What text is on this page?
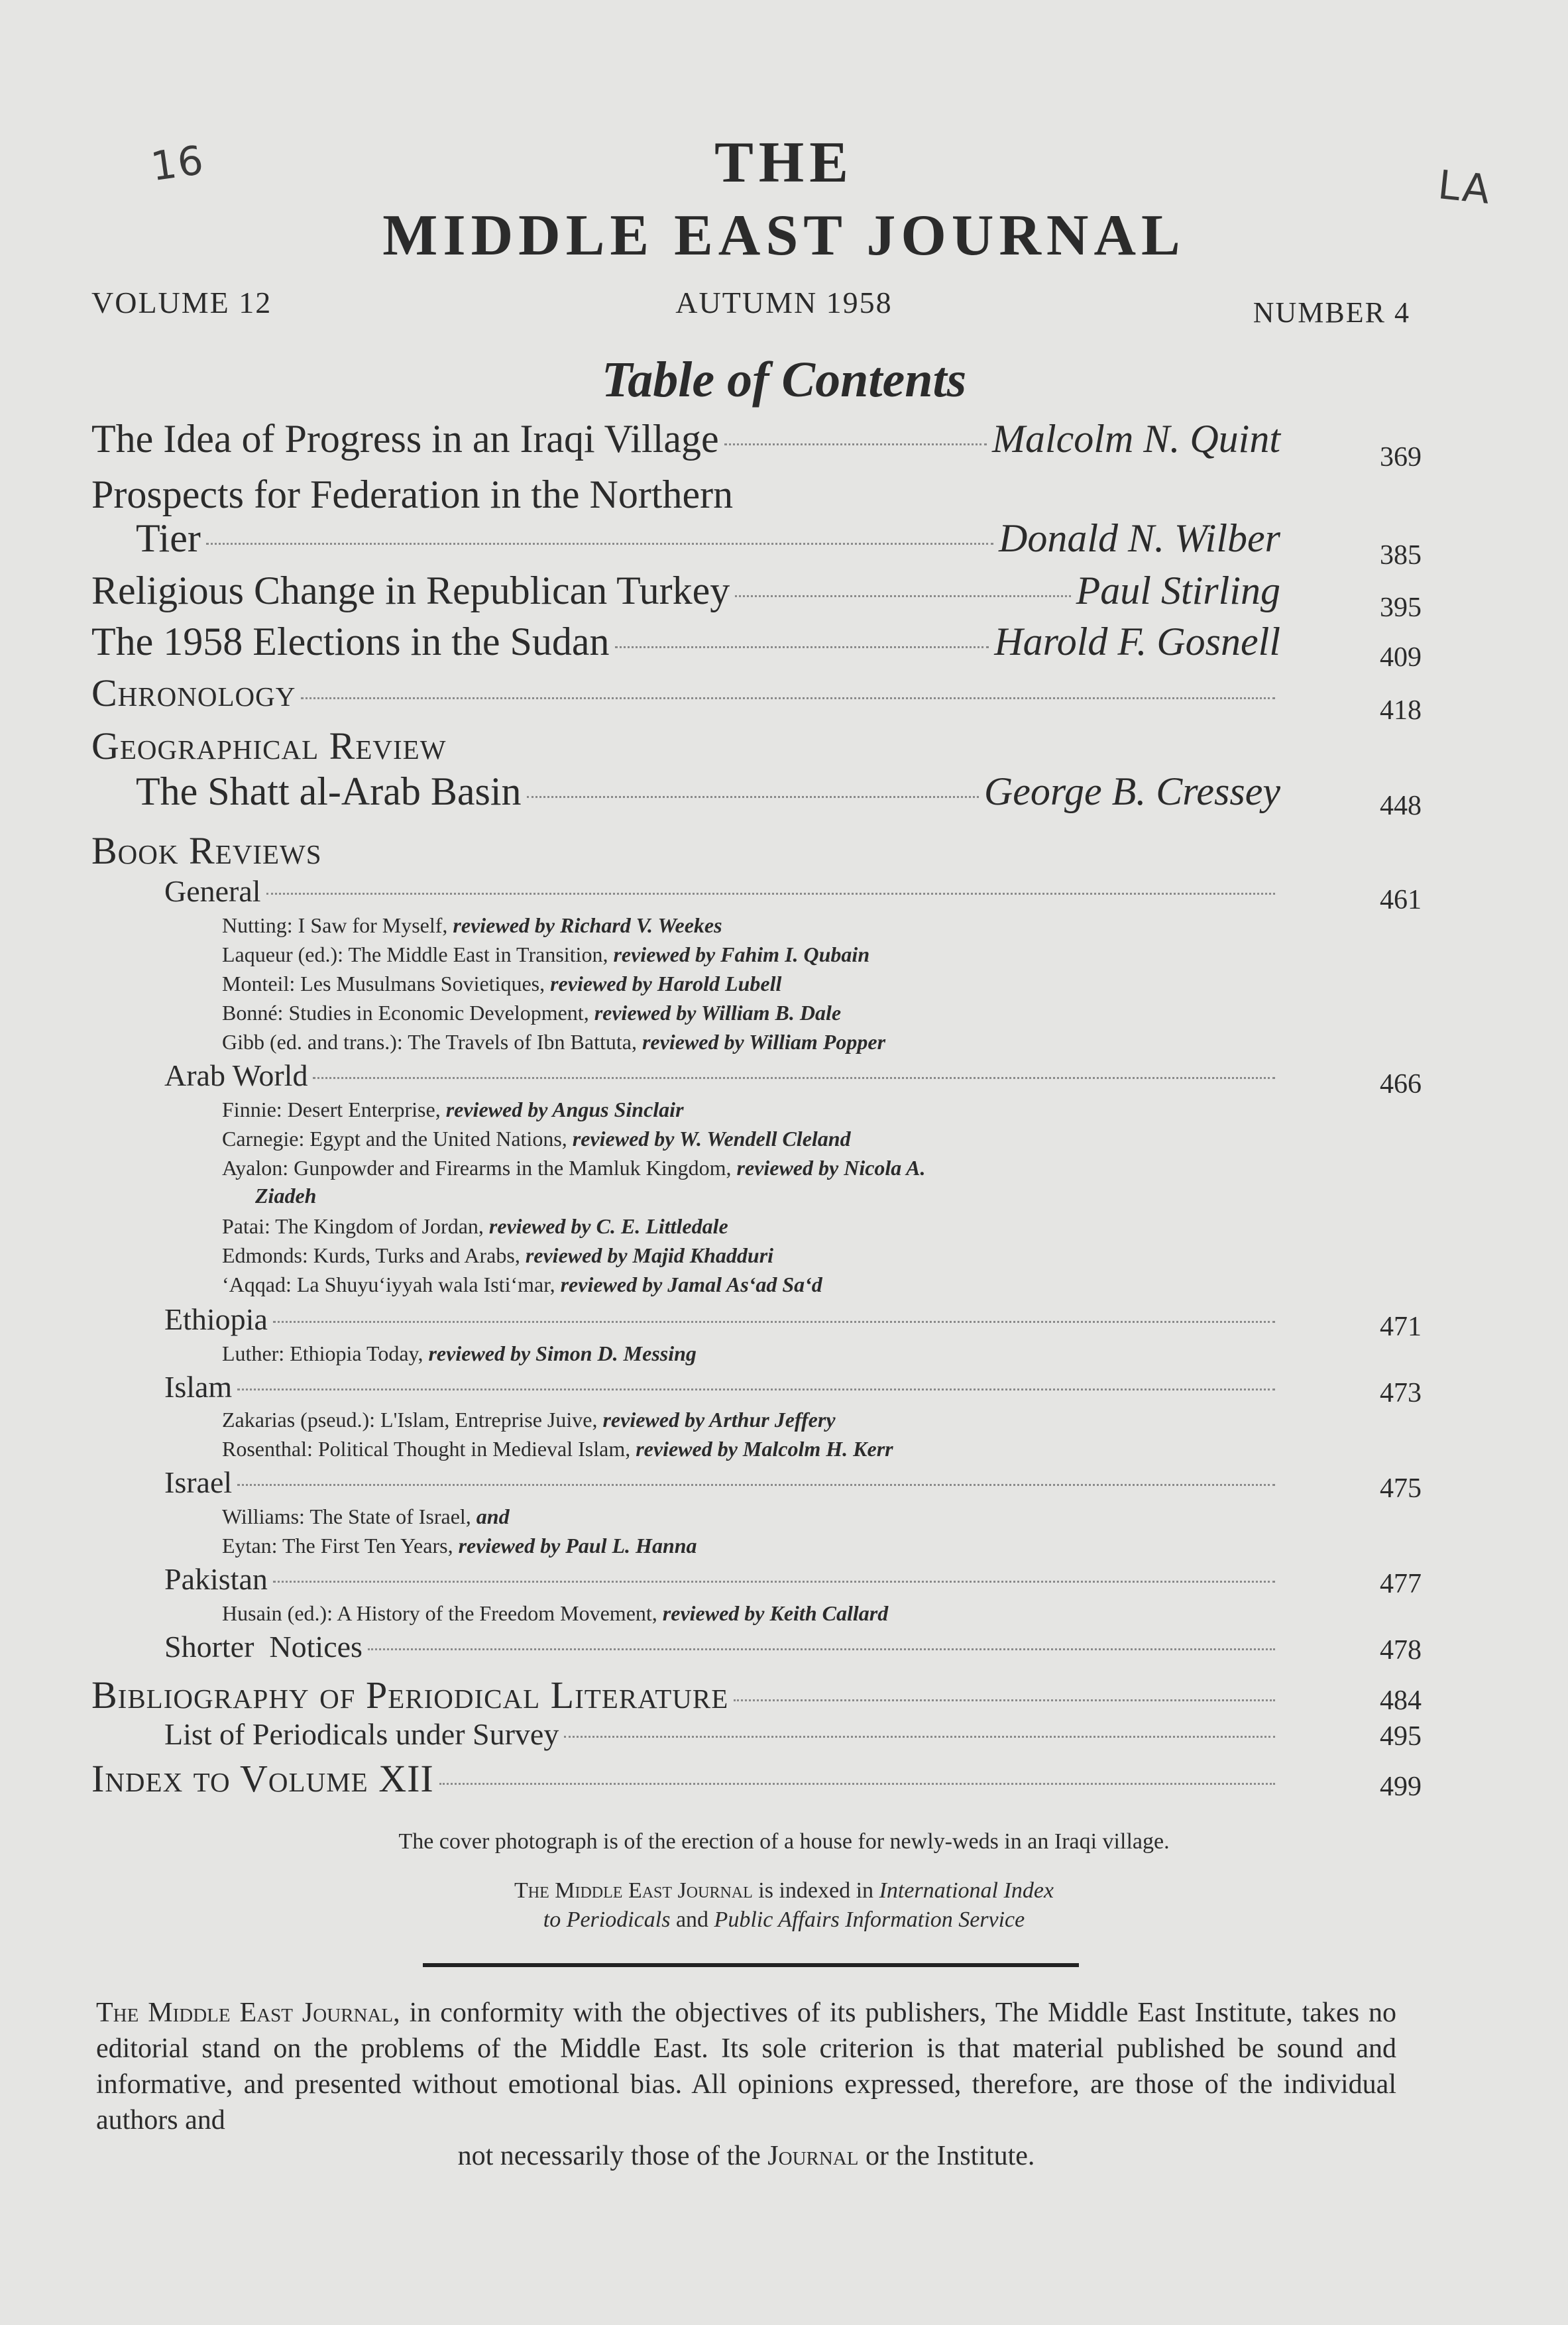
16	LA
THE
MIDDLE EAST JOURNAL
VOLUME 12	AUTUMN 1958	NUMBER 4
Table of Contents
The Idea of Progress in an Iraqi Village	Malcolm N. Quint	369
Prospects for Federation in the Northern
Tier	Donald N. Wilber	385
Religious Change in Republican Turkey	Paul Stirling	395
The 1958 Elections in the Sudan	Harold F. Gosnell	409
Chronology	418
Geographical Review
The Shatt al-Arab Basin	George B. Cressey	448
Book Reviews
General	461
Nutting: I Saw for Myself, reviewed by Richard V. Weekes
Laqueur (ed.): The Middle East in Transition, reviewed by Fahim I. Qubain
Monteil: Les Musulmans Sovietiques, reviewed by Harold Lubell
Bonné: Studies in Economic Development, reviewed by William B. Dale
Gibb (ed. and trans.): The Travels of Ibn Battuta, reviewed by William Popper
Arab World	466
Finnie: Desert Enterprise, reviewed by Angus Sinclair
Carnegie: Egypt and the United Nations, reviewed by W. Wendell Cleland
Ayalon: Gunpowder and Firearms in the Mamluk Kingdom, reviewed by Nicola A.
Ziadeh
Patai: The Kingdom of Jordan, reviewed by C. E. Littledale
Edmonds: Kurds, Turks and Arabs, reviewed by Majid Khadduri
‘Aqqad: La Shuyu‘iyyah wala Isti‘mar, reviewed by Jamal As‘ad Sa‘d
Ethiopia	471
Luther: Ethiopia Today, reviewed by Simon D. Messing
Islam	473
Zakarias (pseud.): L'Islam, Entreprise Juive, reviewed by Arthur Jeffery
Rosenthal: Political Thought in Medieval Islam, reviewed by Malcolm H. Kerr
Israel	475
Williams: The State of Israel, and
Eytan: The First Ten Years, reviewed by Paul L. Hanna
Pakistan	477
Husain (ed.): A History of the Freedom Movement, reviewed by Keith Callard
Shorter  Notices	478
Bibliography of Periodical Literature	484
List of Periodicals under Survey	495
Index to Volume XII	499
The cover photograph is of the erection of a house for newly-weds in an Iraqi village.
The Middle East Journal is indexed in International Index
to Periodicals and Public Affairs Information Service
The Middle East Journal, in conformity with the objectives of its publishers, The Middle East Institute, takes no editorial stand on the problems of the Middle East. Its sole criterion is that material published be sound and informative, and presented without emotional bias. All opinions expressed, therefore, are those of the individual authors and
not necessarily those of the Journal or the Institute.
